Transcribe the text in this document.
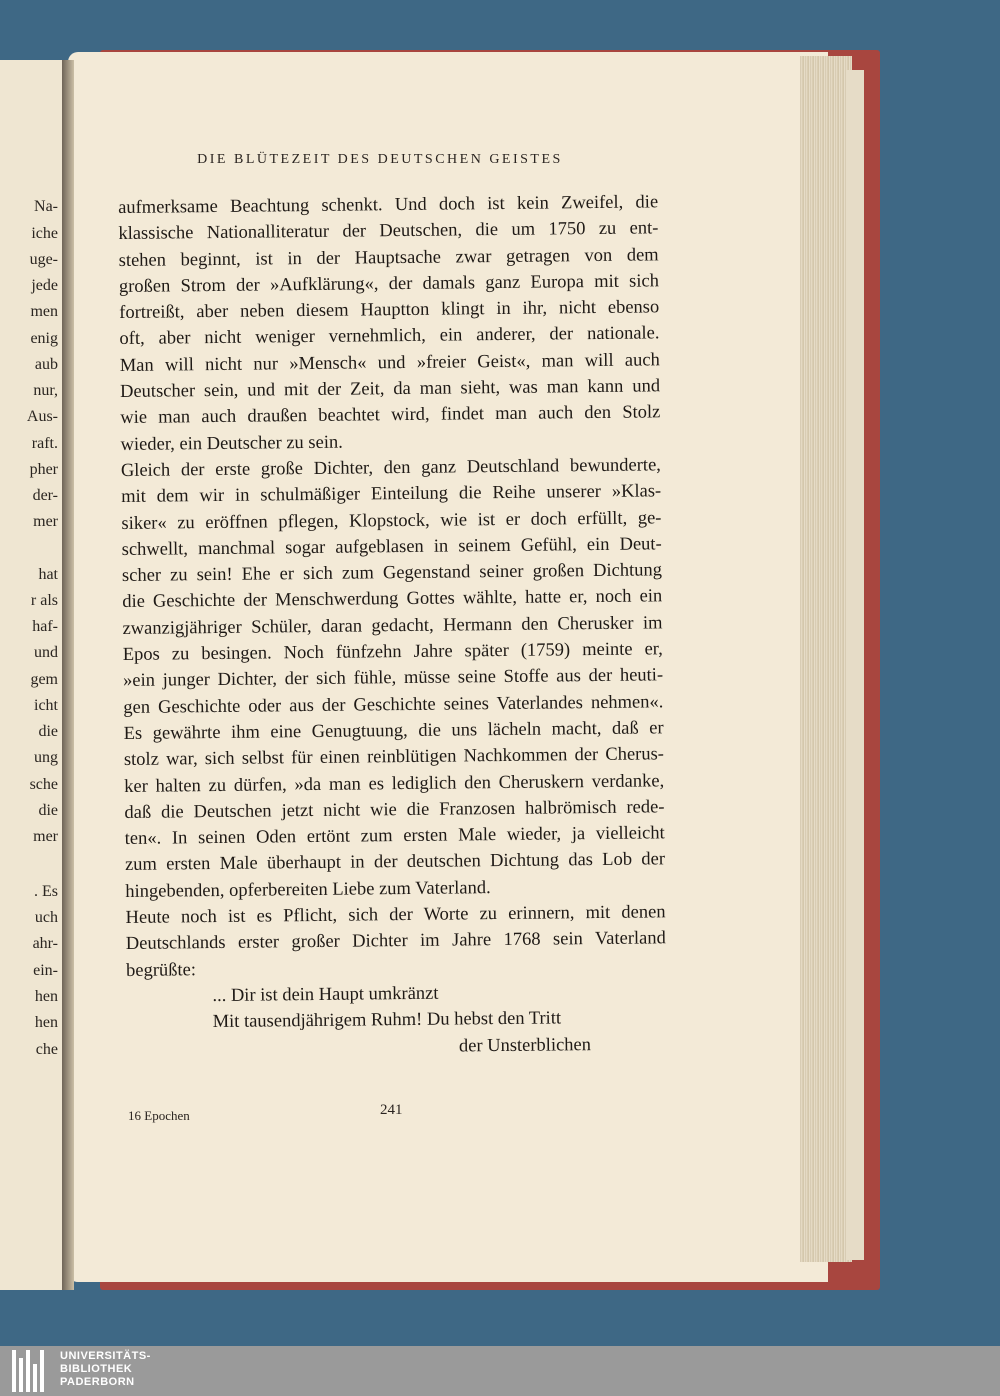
Na-
iche
uge-
jede
men
enig
aub
nur,
Aus-
raft.
pher
der-
mer
hat
r als
haf-
und
gem
icht
die
ung
sche
die
mer
. Es
uch
ahr-
ein-
hen
hen
che
DIE BLÜTEZEIT DES DEUTSCHEN GEISTES
aufmerksame Beachtung schenkt. Und doch ist kein Zweifel, die
klassische Nationalliteratur der Deutschen, die um 1750 zu ent-
stehen beginnt, ist in der Hauptsache zwar getragen von dem
großen Strom der »Aufklärung«, der damals ganz Europa mit sich
fortreißt, aber neben diesem Hauptton klingt in ihr, nicht ebenso
oft, aber nicht weniger vernehmlich, ein anderer, der nationale.
Man will nicht nur »Mensch« und »freier Geist«, man will auch
Deutscher sein, und mit der Zeit, da man sieht, was man kann und
wie man auch draußen beachtet wird, findet man auch den Stolz
wieder, ein Deutscher zu sein.
Gleich der erste große Dichter, den ganz Deutschland bewunderte,
mit dem wir in schulmäßiger Einteilung die Reihe unserer »Klas-
siker« zu eröffnen pflegen, Klopstock, wie ist er doch erfüllt, ge-
schwellt, manchmal sogar aufgeblasen in seinem Gefühl, ein Deut-
scher zu sein! Ehe er sich zum Gegenstand seiner großen Dichtung
die Geschichte der Menschwerdung Gottes wählte, hatte er, noch ein
zwanzigjähriger Schüler, daran gedacht, Hermann den Cherusker im
Epos zu besingen. Noch fünfzehn Jahre später (1759) meinte er,
»ein junger Dichter, der sich fühle, müsse seine Stoffe aus der heuti-
gen Geschichte oder aus der Geschichte seines Vaterlandes nehmen«.
Es gewährte ihm eine Genugtuung, die uns lächeln macht, daß er
stolz war, sich selbst für einen reinblütigen Nachkommen der Cherus-
ker halten zu dürfen, »da man es lediglich den Cheruskern verdanke,
daß die Deutschen jetzt nicht wie die Franzosen halbrömisch rede-
ten«. In seinen Oden ertönt zum ersten Male wieder, ja vielleicht
zum ersten Male überhaupt in der deutschen Dichtung das Lob der
hingebenden, opferbereiten Liebe zum Vaterland.
Heute noch ist es Pflicht, sich der Worte zu erinnern, mit denen
Deutschlands erster großer Dichter im Jahre 1768 sein Vaterland
begrüßte:
... Dir ist dein Haupt umkränzt
Mit tausendjährigem Ruhm! Du hebst den Tritt
der Unsterblichen
16 Epochen	241
UNIVERSITÄTS-
BIBLIOTHEK
PADERBORN
